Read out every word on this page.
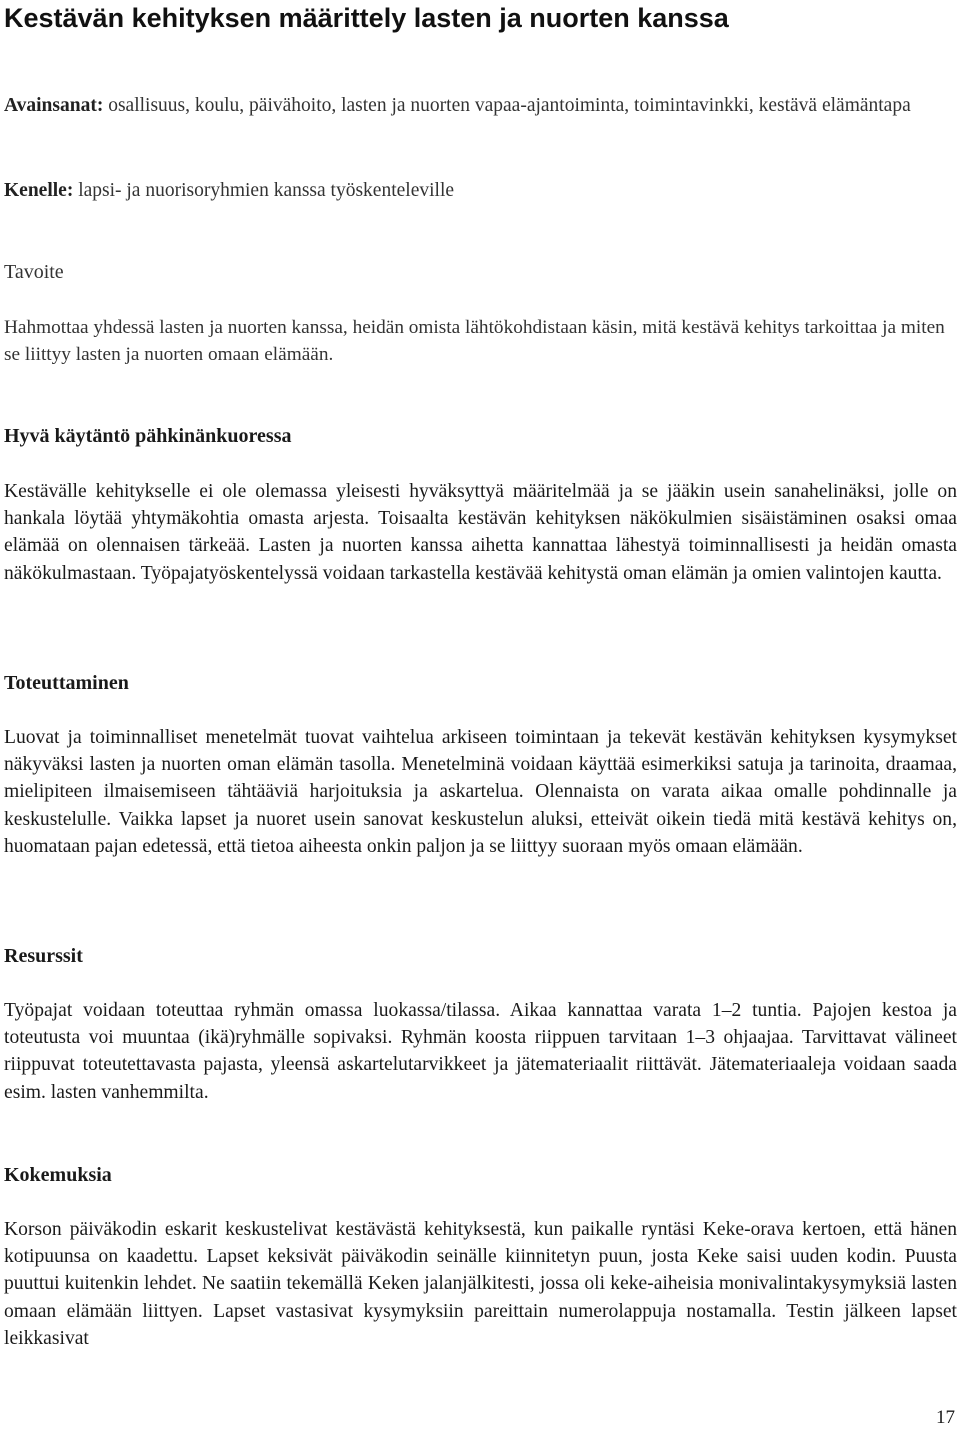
Kestävän kehityksen määrittely lasten ja nuorten kanssa

Avainsanat: osallisuus, koulu, päivähoito, lasten ja nuorten vapaa-ajantoiminta, toimintavinkki, kestävä elämäntapa

Kenelle: lapsi- ja nuorisoryhmien kanssa työskenteleville

Tavoite

Hahmottaa yhdessä lasten ja nuorten kanssa, heidän omista lähtökohdistaan käsin, mitä kestävä kehitys tarkoittaa ja miten se liittyy lasten ja nuorten omaan elämään.

Hyvä käytäntö pähkinänkuoressa

Kestävälle kehitykselle ei ole olemassa yleisesti hyväksyttyä määritelmää ja se jääkin usein sanahelinäksi, jolle on hankala löytää yhtymäkohtia omasta arjesta. Toisaalta kestävän kehityksen näkökulmien sisäistäminen osaksi omaa elämää on olennaisen tärkeää. Lasten ja nuorten kanssa aihetta kannattaa lähestyä toiminnallisesti ja heidän omasta näkökulmastaan. Työpajatyöskentelyssä voidaan tarkastella kestävää kehitystä oman elämän ja omien valintojen kautta.

Toteuttaminen

Luovat ja toiminnalliset menetelmät tuovat vaihtelua arkiseen toimintaan ja tekevät kestävän kehityksen kysymykset näkyväksi lasten ja nuorten oman elämän tasolla. Menetelminä voidaan käyttää esimerkiksi satuja ja tarinoita, draamaa, mielipiteen ilmaisemiseen tähtääviä harjoituksia ja askartelua. Olennaista on varata aikaa omalle pohdinnalle ja keskustelulle. Vaikka lapset ja nuoret usein sanovat keskustelun aluksi, etteivät oikein tiedä mitä kestävä kehitys on, huomataan pajan edetessä, että tietoa aiheesta onkin paljon ja se liittyy suoraan myös omaan elämään.

Resurssit

Työpajat voidaan toteuttaa ryhmän omassa luokassa/tilassa. Aikaa kannattaa varata 1–2 tuntia. Pajojen kestoa ja toteutusta voi muuntaa (ikä)ryhmälle sopivaksi. Ryhmän koosta riippuen tarvitaan 1–3 ohjaajaa. Tarvittavat välineet riippuvat toteutettavasta pajasta, yleensä askartelutarvikkeet ja jätemateriaalit riittävät. Jätemateriaaleja voidaan saada esim. lasten vanhemmilta.

Kokemuksia

Korson päiväkodin eskarit keskustelivat kestävästä kehityksestä, kun paikalle ryntäsi Keke-orava kertoen, että hänen kotipuunsa on kaadettu. Lapset keksivät päiväkodin seinälle kiinnitetyn puun, josta Keke saisi uuden kodin. Puusta puuttui kuitenkin lehdet. Ne saatiin tekemällä Keken jalanjälkitesti, jossa oli keke-aiheisia monivalintakysymyksiä lasten omaan elämään liittyen. Lapset vastasivat kysymyksiin pareittain numerolappuja nostamalla. Testin jälkeen lapset leikkasivat

17
